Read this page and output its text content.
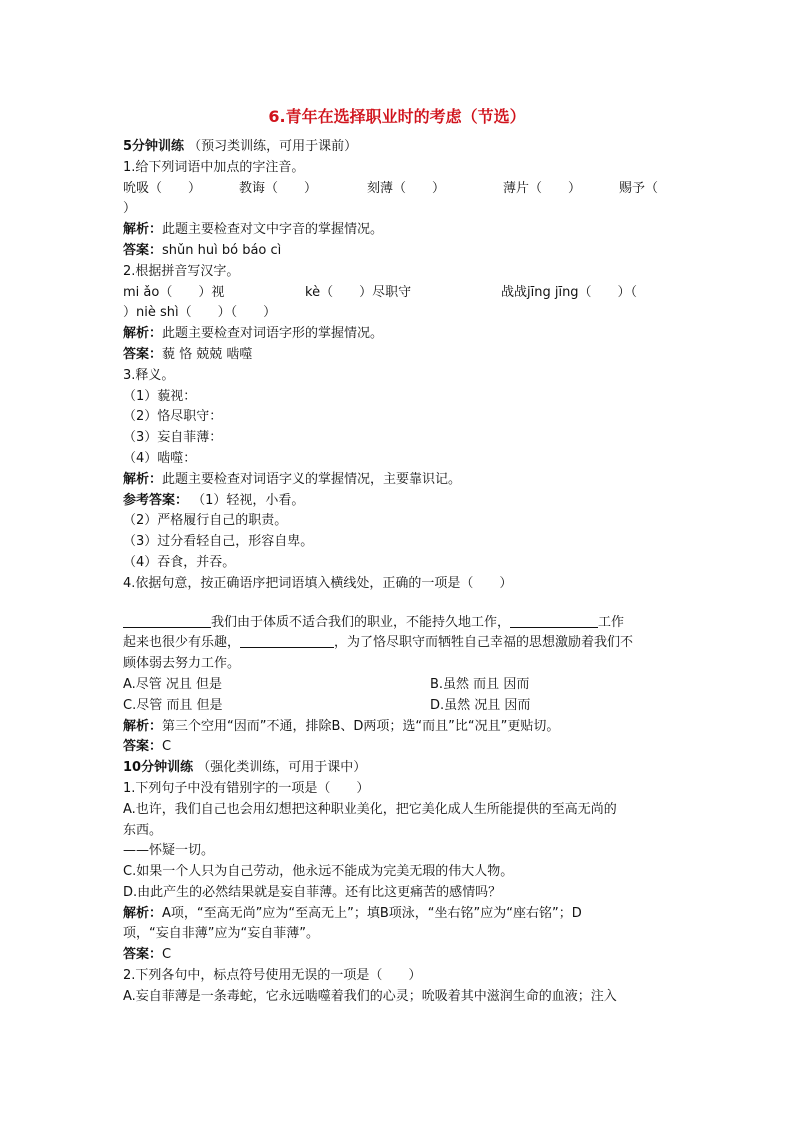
6.青年在选择职业时的考虑（节选）
5分钟训练 （预习类训练，可用于课前）
1.给下列词语中加点的字注音。
吮吸（　　）	教诲（　　）	刻薄（　　）	薄片（　　）	赐予（
）
解析：此题主要检查对文中字音的掌握情况。
答案：shǔn huì bó báo cì
2.根据拼音写汉字。
mi ǎo（　　）视	kè（　　）尽职守	战战jīng jīng（　　）（
）niè shì（　　）（　　）
解析：此题主要检查对词语字形的掌握情况。
答案：藐 恪 兢兢 啮噬
3.释义。
（1）藐视：
（2）恪尽职守：
（3）妄自菲薄：
（4）啮噬：
解析：此题主要检查对词语字义的掌握情况，主要靠识记。
参考答案： （1）轻视，小看。
（2）严格履行自己的职责。
（3）过分看轻自己，形容自卑。
（4）吞食，并吞。
4.依据句意，按正确语序把词语填入横线处，正确的一项是（　　）
我们由于体质不适合我们的职业，不能持久地工作，	工作
起来也很少有乐趣，	，为了恪尽职守而牺牲自己幸福的思想激励着我们不
顾体弱去努力工作。
A.尽管 况且 但是	B.虽然 而且 因而
C.尽管 而且 但是	D.虽然 况且 因而
解析：第三个空用“因而”不通，排除B、D两项；选“而且”比“况且”更贴切。
答案：C
10分钟训练 （强化类训练，可用于课中）
1.下列句子中没有错别字的一项是（　　）
A.也许，我们自己也会用幻想把这种职业美化，把它美化成人生所能提供的至高无尚的
东西。
——怀疑一切。
C.如果一个人只为自己劳动，他永远不能成为完美无瑕的伟大人物。
D.由此产生的必然结果就是妄自菲薄。还有比这更痛苦的感情吗？
解析：A项，“至高无尚”应为“至高无上”；填B项泳，“坐右铭”应为“座右铭”；D
项，“妄自非薄”应为“妄自菲薄”。
答案：C
2.下列各句中，标点符号使用无误的一项是（　　）
A.妄自菲薄是一条毒蛇，它永远啮噬着我们的心灵；吮吸着其中滋润生命的血液；注入
